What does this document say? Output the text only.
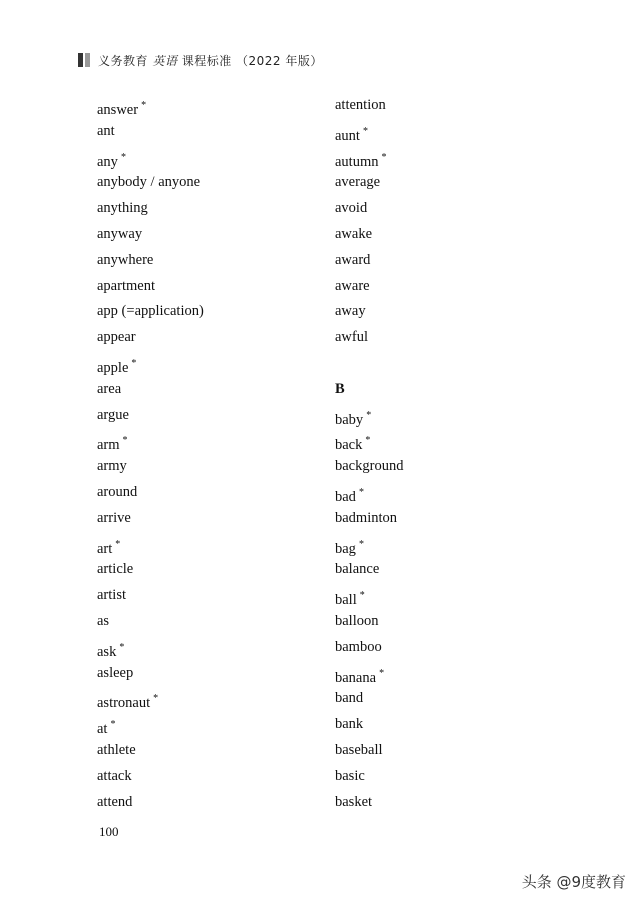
义务教育 英语 课程标准 （2022 年版）
answer *
ant
any *
anybody / anyone
anything
anyway
anywhere
apartment
app (=application)
appear
apple *
area
argue
arm *
army
around
arrive
art *
article
artist
as
ask *
asleep
astronaut *
at *
athlete
attack
attend
attention
aunt *
autumn *
average
avoid
awake
award
aware
away
awful
B
baby *
back *
background
bad *
badminton
bag *
balance
ball *
balloon
bamboo
banana *
band
bank
baseball
basic
basket
100
头条 @9度教育
